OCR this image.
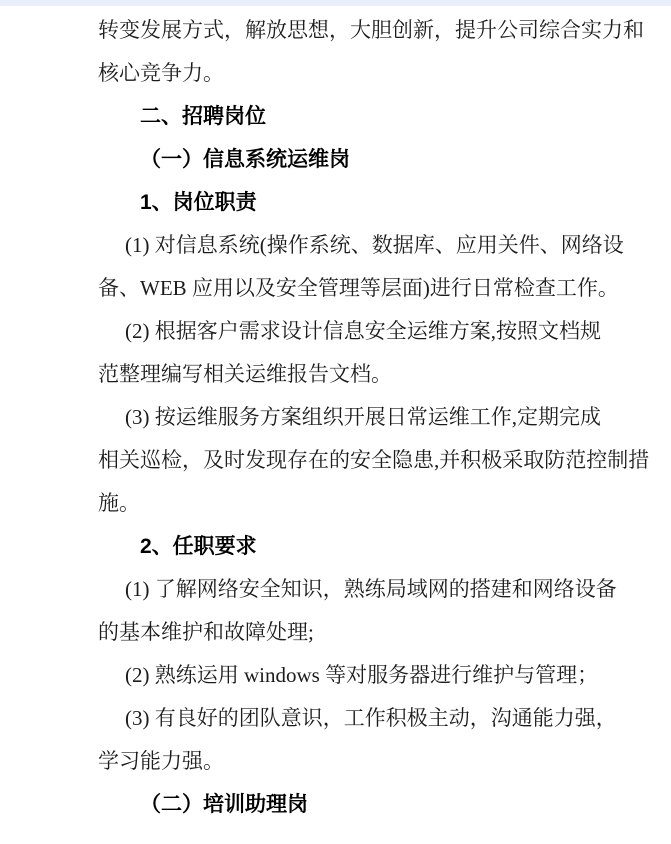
转变发展方式，解放思想，大胆创新，提升公司综合实力和
核心竞争力。
二、招聘岗位
（一）信息系统运维岗
1、岗位职责
(1) 对信息系统(操作系统、数据库、应用关件、网络设
备、WEB 应用以及安全管理等层面)进行日常检查工作。
(2) 根据客户需求设计信息安全运维方案,按照文档规
范整理编写相关运维报告文档。
(3) 按运维服务方案组织开展日常运维工作,定期完成
相关巡检，及时发现存在的安全隐患,并积极采取防范控制措
施。
2、任职要求
(1) 了解网络安全知识，熟练局域网的搭建和网络设备
的基本维护和故障处理;
(2) 熟练运用 windows 等对服务器进行维护与管理；
(3) 有良好的团队意识，工作积极主动，沟通能力强，
学习能力强。
（二）培训助理岗
